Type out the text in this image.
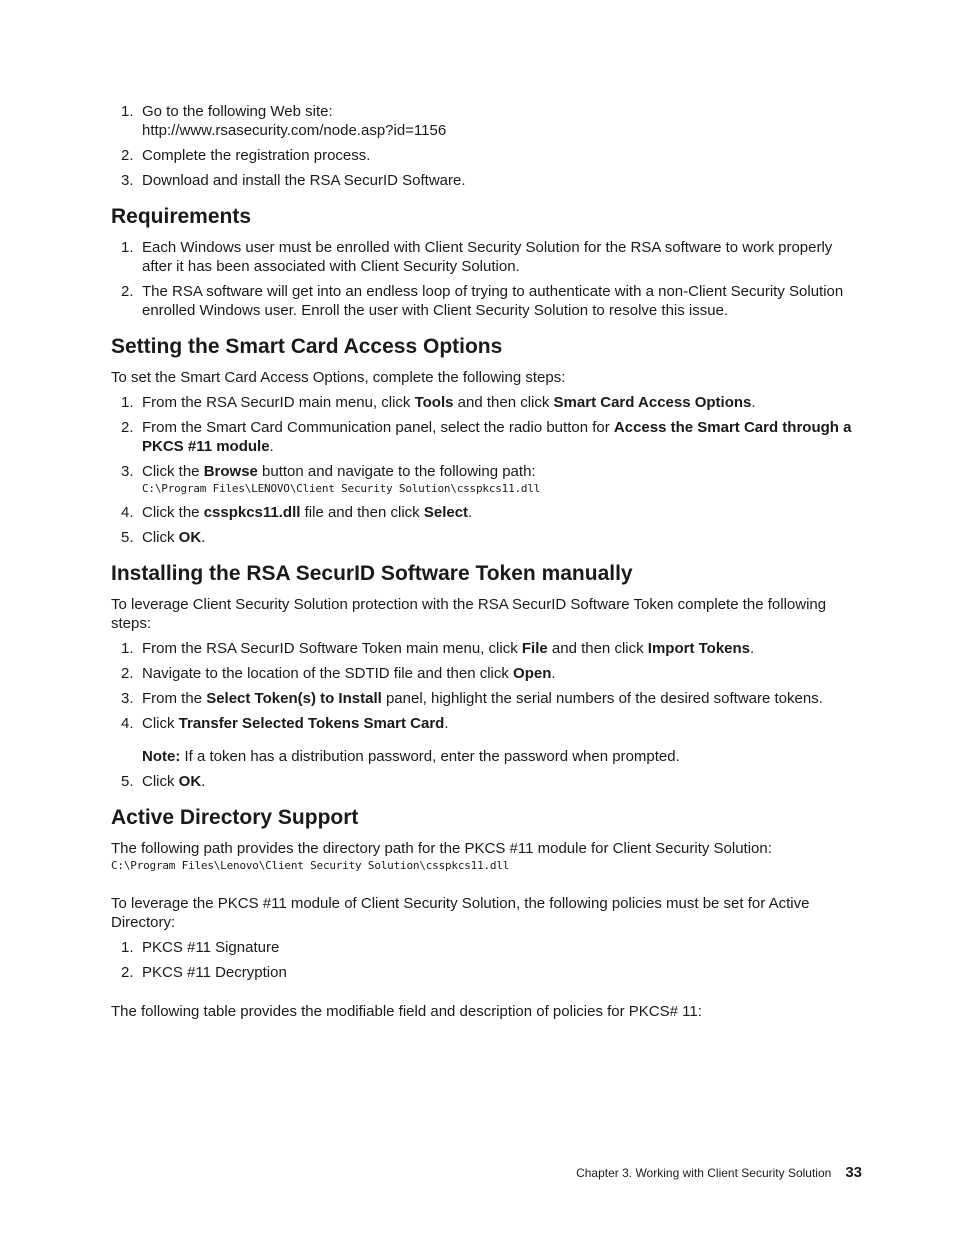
1. Go to the following Web site:
http://www.rsasecurity.com/node.asp?id=1156
2. Complete the registration process.
3. Download and install the RSA SecurID Software.
Requirements
1. Each Windows user must be enrolled with Client Security Solution for the RSA software to work properly after it has been associated with Client Security Solution.
2. The RSA software will get into an endless loop of trying to authenticate with a non-Client Security Solution enrolled Windows user. Enroll the user with Client Security Solution to resolve this issue.
Setting the Smart Card Access Options

To set the Smart Card Access Options, complete the following steps:

1. From the RSA SecurID main menu, click Tools and then click Smart Card Access Options.
2. From the Smart Card Communication panel, select the radio button for Access the Smart Card through a PKCS #11 module.
3. Click the Browse button and navigate to the following path:
C:\Program Files\LENOVO\Client Security Solution\csspkcs11.dll
4. Click the csspkcs11.dll file and then click Select.
5. Click OK.
Installing the RSA SecurID Software Token manually

To leverage Client Security Solution protection with the RSA SecurID Software Token complete the following steps:

1. From the RSA SecurID Software Token main menu, click File and then click Import Tokens.
2. Navigate to the location of the SDTID file and then click Open.
3. From the Select Token(s) to Install panel, highlight the serial numbers of the desired software tokens.
4. Click Transfer Selected Tokens Smart Card.

Note: If a token has a distribution password, enter the password when prompted.

5. Click OK.
Active Directory Support

The following path provides the directory path for the PKCS #11 module for Client Security Solution:

C:\Program Files\Lenovo\Client Security Solution\csspkcs11.dll

To leverage the PKCS #11 module of Client Security Solution, the following policies must be set for Active Directory:

1. PKCS #11 Signature
2. PKCS #11 Decryption

The following table provides the modifiable field and description of policies for PKCS# 11:

Chapter 3. Working with Client Security Solution 33
